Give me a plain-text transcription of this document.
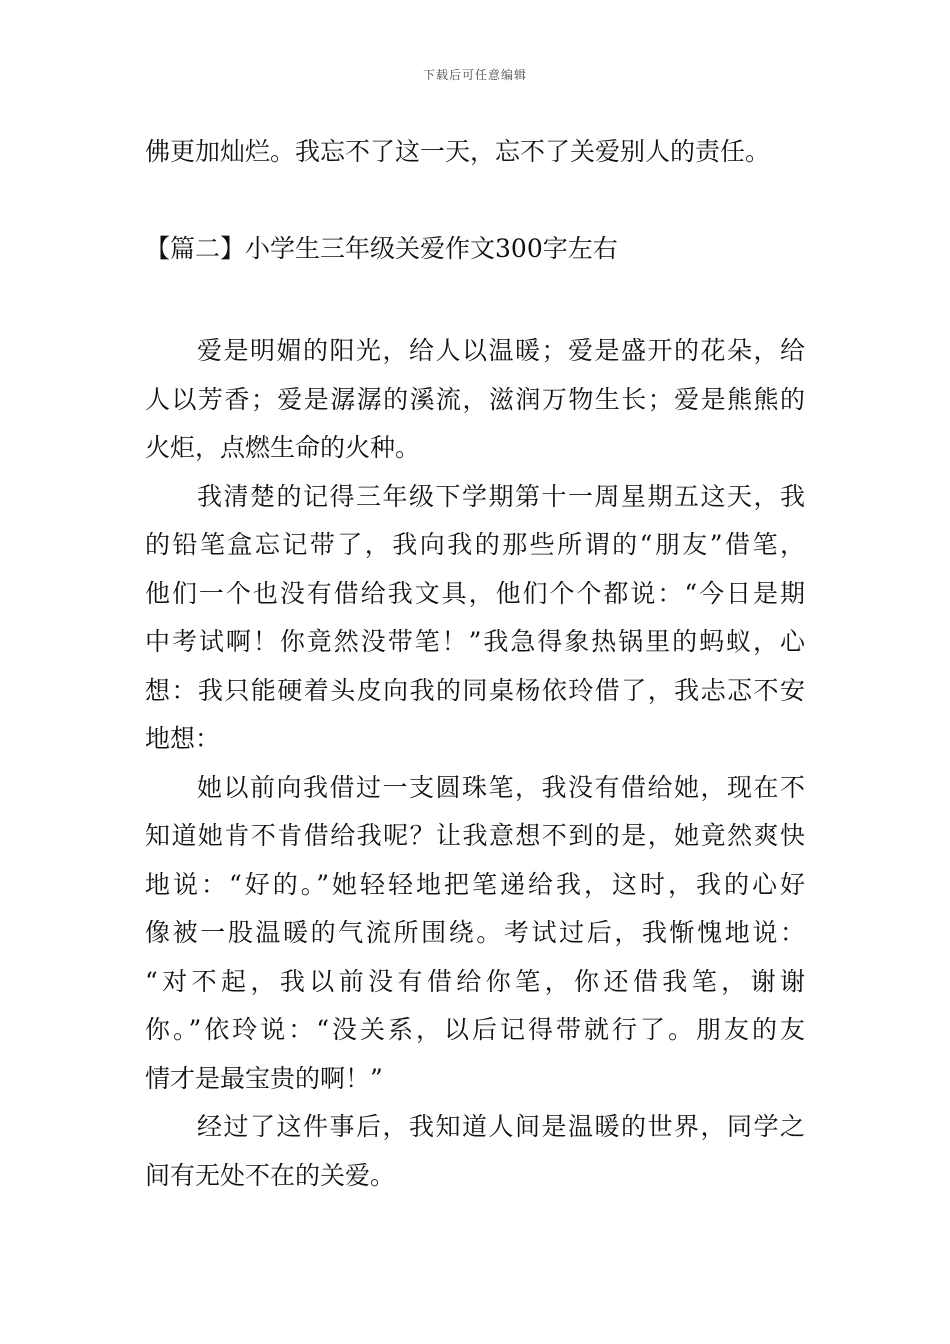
下载后可任意编辑
佛更加灿烂。我忘不了这一天，忘不了关爱别人的责任。
【篇二】小学生三年级关爱作文300字左右
爱是明媚的阳光，给人以温暖；爱是盛开的花朵，给
人以芳香；爱是潺潺的溪流，滋润万物生长；爱是熊熊的
火炬，点燃生命的火种。
我清楚的记得三年级下学期第十一周星期五这天，我
的铅笔盒忘记带了，我向我的那些所谓的“朋友”借笔，
他们一个也没有借给我文具，他们个个都说：“今日是期
中考试啊！你竟然没带笔！”我急得象热锅里的蚂蚁，心
想：我只能硬着头皮向我的同桌杨依玲借了，我忐忑不安
地想：
她以前向我借过一支圆珠笔，我没有借给她，现在不
知道她肯不肯借给我呢？让我意想不到的是，她竟然爽快
地说：“好的。”她轻轻地把笔递给我，这时，我的心好
像被一股温暖的气流所围绕。考试过后，我惭愧地说：
“对不起，我以前没有借给你笔，你还借我笔，谢谢
你。”依玲说：“没关系，以后记得带就行了。朋友的友
情才是最宝贵的啊！”
经过了这件事后，我知道人间是温暖的世界，同学之
间有无处不在的关爱。
